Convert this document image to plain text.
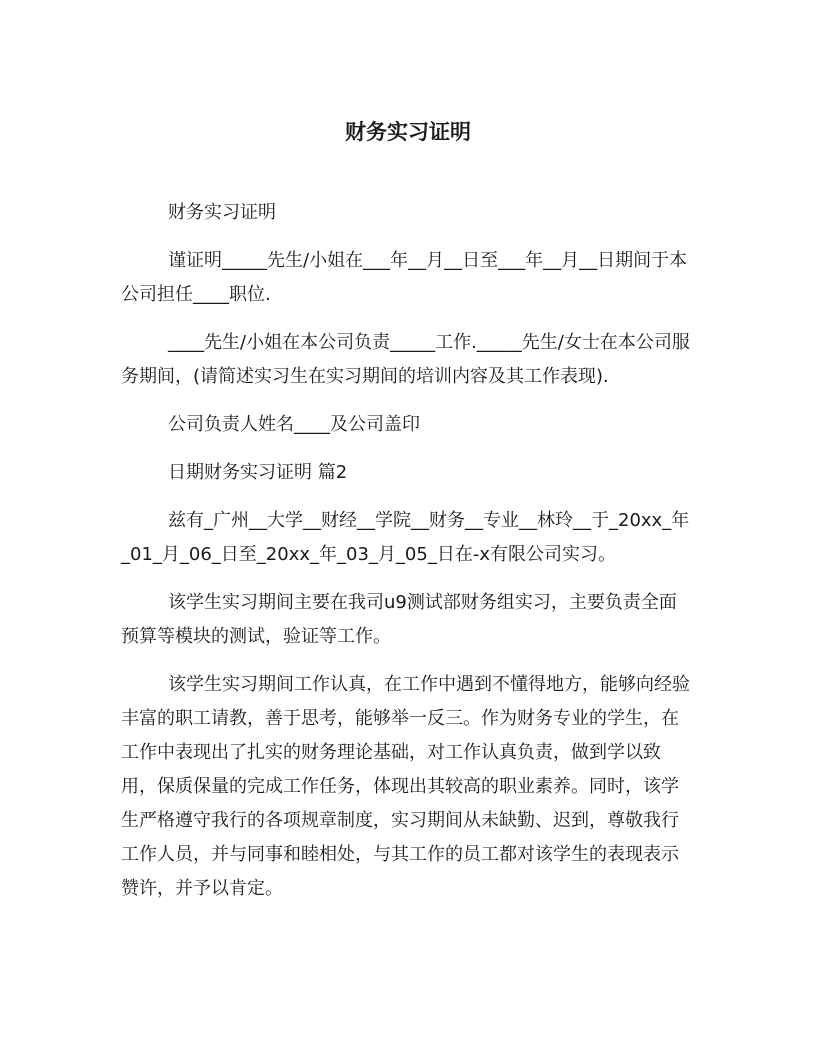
财务实习证明

财务实习证明

谨证明_____先生/小姐在___年__月__日至___年__月__日期间于本公司担任____职位.

____先生/小姐在本公司负责_____工作._____先生/女士在本公司服务期间，(请简述实习生在实习期间的培训内容及其工作表现).

公司负责人姓名____及公司盖印

日期财务实习证明 篇2

兹有_广州__大学__财经__学院__财务__专业__林玲__于_20xx_年_01_月_06_日至_20xx_年_03_月_05_日在-x有限公司实习。

该学生实习期间主要在我司u9测试部财务组实习，主要负责全面预算等模块的测试，验证等工作。

该学生实习期间工作认真，在工作中遇到不懂得地方，能够向经验丰富的职工请教，善于思考，能够举一反三。作为财务专业的学生，在工作中表现出了扎实的财务理论基础，对工作认真负责，做到学以致用，保质保量的完成工作任务，体现出其较高的职业素养。同时，该学生严格遵守我行的各项规章制度，实习期间从未缺勤、迟到，尊敬我行工作人员，并与同事和睦相处，与其工作的员工都对该学生的表现表示赞许，并予以肯定。
